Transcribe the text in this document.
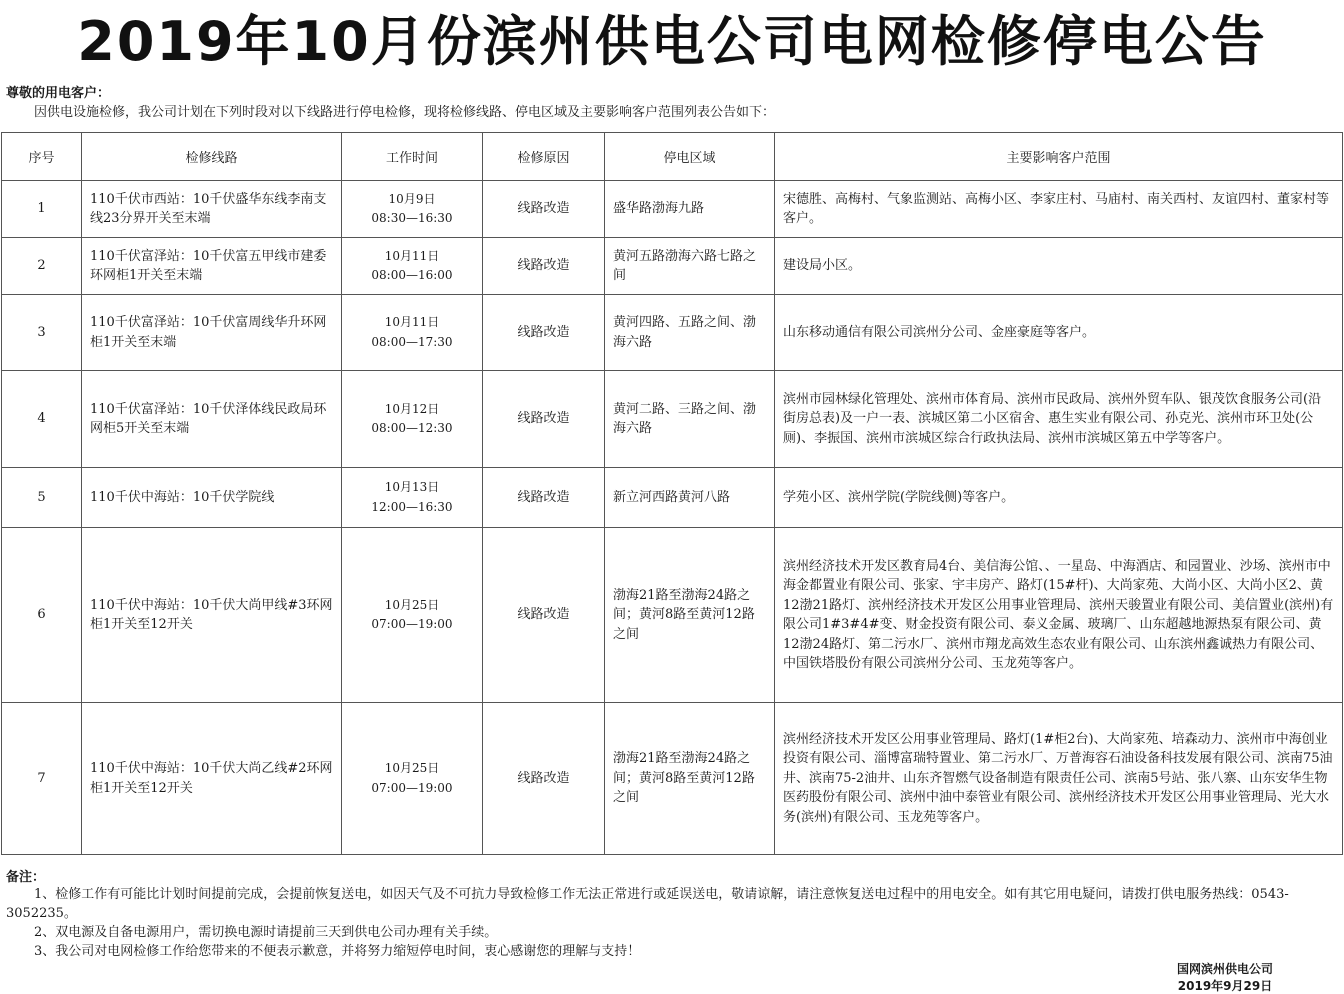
2019年10月份滨州供电公司电网检修停电公告
尊敬的用电客户：
因供电设施检修，我公司计划在下列时段对以下线路进行停电检修，现将检修线路、停电区域及主要影响客户范围列表公告如下：
序号	检修线路	工作时间	检修原因	停电区域	主要影响客户范围
1	110千伏市西站：10千伏盛华东线李南支线23分界开关至末端	10月9日
08:30—16:30	线路改造	盛华路渤海九路	宋德胜、高梅村、气象监测站、高梅小区、李家庄村、马庙村、南关西村、友谊四村、董家村等客户。
2	110千伏富泽站：10千伏富五甲线市建委环网柜1开关至末端	10月11日
08:00—16:00	线路改造	黄河五路渤海六路七路之间	建设局小区。
3	110千伏富泽站：10千伏富周线华升环网柜1开关至末端	10月11日
08:00—17:30	线路改造	黄河四路、五路之间、渤海六路	山东移动通信有限公司滨州分公司、金座豪庭等客户。
4	110千伏富泽站：10千伏泽体线民政局环网柜5开关至末端	10月12日
08:00—12:30	线路改造	黄河二路、三路之间、渤海六路	滨州市园林绿化管理处、滨州市体育局、滨州市民政局、滨州外贸车队、银茂饮食服务公司(沿街房总表)及一户一表、滨城区第二小区宿舍、惠生实业有限公司、孙克光、滨州市环卫处(公厕)、李振国、滨州市滨城区综合行政执法局、滨州市滨城区第五中学等客户。
5	110千伏中海站：10千伏学院线	10月13日
12:00—16:30	线路改造	新立河西路黄河八路	学苑小区、滨州学院(学院线侧)等客户。
6	110千伏中海站：10千伏大尚甲线#3环网柜1开关至12开关	10月25日
07:00—19:00	线路改造	渤海21路至渤海24路之间；黄河8路至黄河12路之间	滨州经济技术开发区教育局4台、美信海公馆、、一星岛、中海酒店、和园置业、沙场、滨州市中海金都置业有限公司、张家、宇丰房产、路灯(15#杆)、大尚家苑、大尚小区、大尚小区2、黄12渤21路灯、滨州经济技术开发区公用事业管理局、滨州天骏置业有限公司、美信置业(滨州)有限公司1#3#4#变、财金投资有限公司、泰义金属、玻璃厂、山东超越地源热泵有限公司、黄12渤24路灯、第二污水厂、滨州市翔龙高效生态农业有限公司、山东滨州鑫诚热力有限公司、中国铁塔股份有限公司滨州分公司、玉龙苑等客户。
7	110千伏中海站：10千伏大尚乙线#2环网柜1开关至12开关	10月25日
07:00—19:00	线路改造	渤海21路至渤海24路之间；黄河8路至黄河12路之间	滨州经济技术开发区公用事业管理局、路灯(1#柜2台)、大尚家苑、培森动力、滨州市中海创业投资有限公司、淄博富瑞特置业、第二污水厂、万普海容石油设备科技发展有限公司、滨南75油井、滨南75-2油井、山东齐智燃气设备制造有限责任公司、滨南5号站、张八寨、山东安华生物医药股份有限公司、滨州中油中泰管业有限公司、滨州经济技术开发区公用事业管理局、光大水务(滨州)有限公司、玉龙苑等客户。
备注：
1、检修工作有可能比计划时间提前完成，会提前恢复送电，如因天气及不可抗力导致检修工作无法正常进行或延误送电，敬请谅解，请注意恢复送电过程中的用电安全。如有其它用电疑问，请拨打供电服务热线：0543-3052235。
2、双电源及自备电源用户，需切换电源时请提前三天到供电公司办理有关手续。
3、我公司对电网检修工作给您带来的不便表示歉意，并将努力缩短停电时间，衷心感谢您的理解与支持！
国网滨州供电公司
2019年9月29日
